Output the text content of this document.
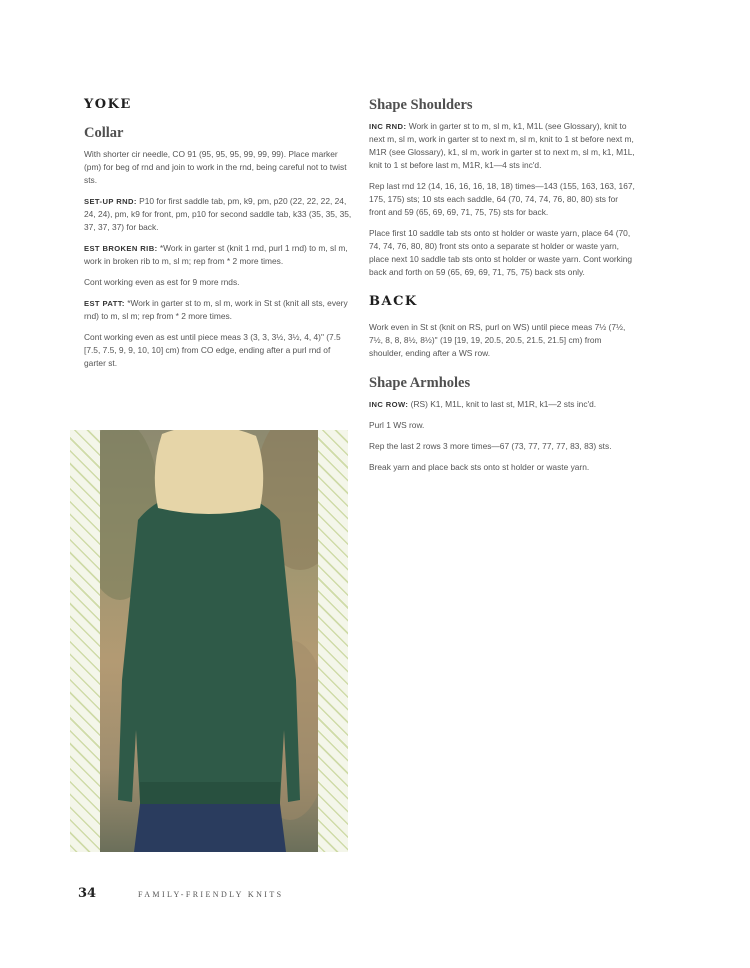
YOKE
Collar

With shorter cir needle, CO 91 (95, 95, 95, 99, 99, 99). Place marker (pm) for beg of rnd and join to work in the rnd, being careful not to twist sts.

SET-UP RND: P10 for first saddle tab, pm, k9, pm, p20 (22, 22, 22, 24, 24, 24), pm, k9 for front, pm, p10 for second saddle tab, k33 (35, 35, 35, 37, 37, 37) for back.

EST BROKEN RIB: *Work in garter st (knit 1 rnd, purl 1 rnd) to m, sl m, work in broken rib to m, sl m; rep from * 2 more times.

Cont working even as est for 9 more rnds.

EST PATT: *Work in garter st to m, sl m, work in St st (knit all sts, every rnd) to m, sl m; rep from * 2 more times.

Cont working even as est until piece meas 3 (3, 3, 3½, 3½, 4, 4)" (7.5 [7.5, 7.5, 9, 9, 10, 10] cm) from CO edge, ending after a purl rnd of garter st.

Shape Shoulders

INC RND: Work in garter st to m, sl m, k1, M1L (see Glossary), knit to next m, sl m, work in garter st to next m, sl m, knit to 1 st before next m, M1R (see Glossary), k1, sl m, work in garter st to next m, sl m, k1, M1L, knit to 1 st before last m, M1R, k1—4 sts inc'd.

Rep last rnd 12 (14, 16, 16, 16, 18, 18) times—143 (155, 163, 163, 167, 175, 175) sts; 10 sts each saddle, 64 (70, 74, 74, 76, 80, 80) sts for front and 59 (65, 69, 69, 71, 75, 75) sts for back.

Place first 10 saddle tab sts onto st holder or waste yarn, place 64 (70, 74, 74, 76, 80, 80) front sts onto a separate st holder or waste yarn, place next 10 saddle tab sts onto st holder or waste yarn. Cont working back and forth on 59 (65, 69, 69, 71, 75, 75) back sts only.

BACK

Work even in St st (knit on RS, purl on WS) until piece meas 7½ (7½, 7½, 8, 8, 8½, 8½)" (19 [19, 19, 20.5, 20.5, 21.5, 21.5] cm) from shoulder, ending after a WS row.

Shape Armholes

INC ROW: (RS) K1, M1L, knit to last st, M1R, k1—2 sts inc'd.

Purl 1 WS row.

Rep the last 2 rows 3 more times—67 (73, 77, 77, 77, 83, 83) sts.

Break yarn and place back sts onto st holder or waste yarn.

34	FAMILY-FRIENDLY KNITS
